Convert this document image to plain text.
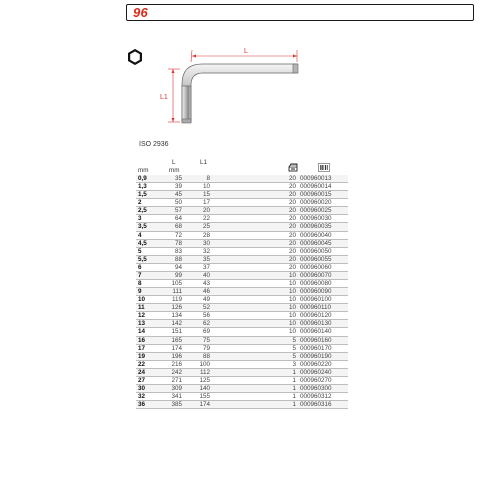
96
L
L1
ISO 2936
mm
L
mm
L1
0,9	35	8	20 000960013
1,3	39	10	20 000960014
1,5	45	15	20 000960015
2	50	17	20 000960020
2,5	57	20	20 000960025
3	64	22	20 000960030
3,5	68	25	20 000960035
4	72	28	20 000960040
4,5	78	30	20 000960045
5	83	32	20 000960050
5,5	88	35	20 000960055
6	94	37	20 000960060
7	99	40	10 000960070
8	105	43	10 000960080
9	111	46	10 000960090
10	119	49	10 000960100
11	126	52	10 000960110
12	134	56	10 000960120
13	142	62	10 000960130
14	151	69	10 000960140
16	165	75	5 000960160
17	174	79	5 000960170
19	196	88	5 000960190
22	216	100	3 000960220
24	242	112	1 000960240
27	271	125	1 000960270
30	309	140	1 000960300
32	341	155	1 000960312
36	385	174	1 000960316
